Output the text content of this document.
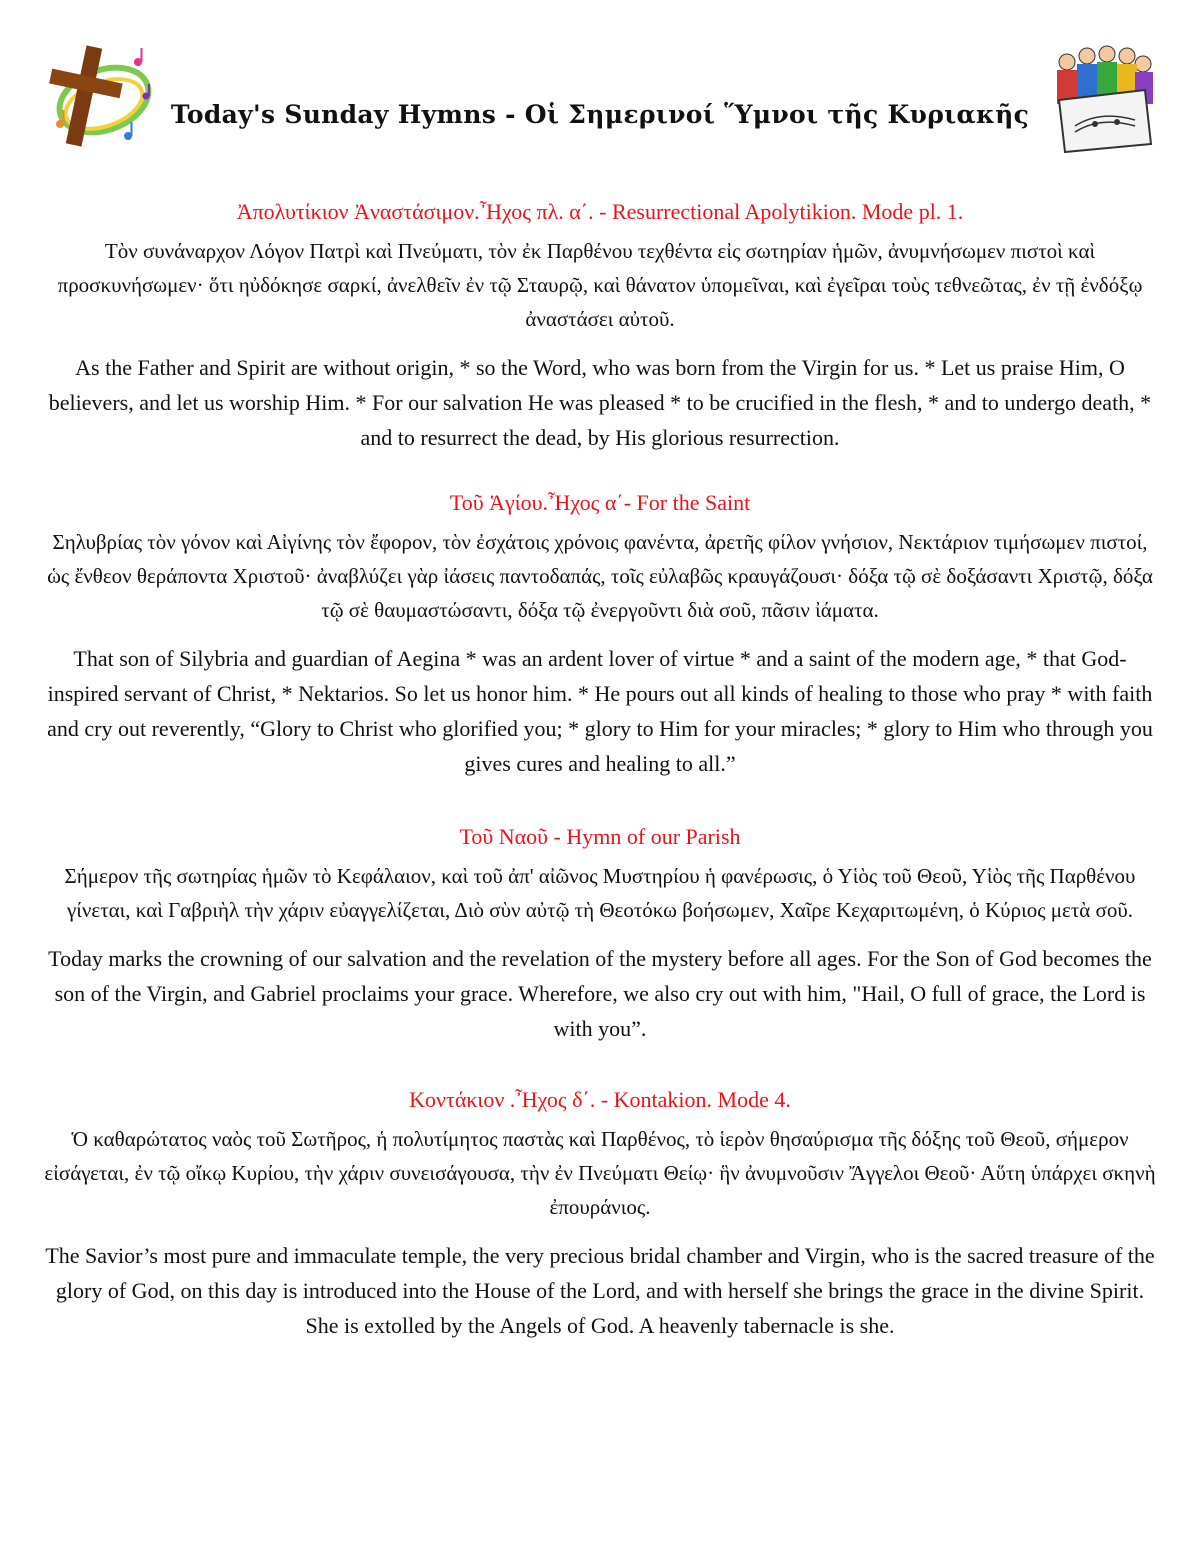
Today's Sunday Hymns - Οἱ Σημερινοί Ὕμνοι τῆς Κυριακῆς
Ἀπολυτίκιον Ἀναστάσιμον.Ἦχος πλ. α΄. - Resurrectional Apolytikion. Mode pl. 1.

Τὸν συνάναρχον Λόγον Πατρὶ καὶ Πνεύματι, τὸν ἐκ Παρθένου τεχθέντα εἰς σωτηρίαν ἡμῶν, ἀνυμνήσωμεν πιστοὶ καὶ προσκυνήσωμεν· ὅτι ηὐδόκησε σαρκί, ἀνελθεῖν ἐν τῷ Σταυρῷ, καὶ θάνατον ὑπομεῖναι, καὶ ἐγεῖραι τοὺς τεθνεῶτας, ἐν τῇ ἐνδόξῳ ἀναστάσει αὐτοῦ.

As the Father and Spirit are without origin, * so the Word, who was born from the Virgin for us. * Let us praise Him, O believers, and let us worship Him. * For our salvation He was pleased * to be crucified in the flesh, * and to undergo death, * and to resurrect the dead, by His glorious resurrection.

Τοῦ Ἁγίου.Ἦχος α΄- For the Saint

Σηλυβρίας τὸν γόνον καὶ Αἰγίνης τὸν ἔφορον, τὸν ἐσχάτοις χρόνοις φανέντα, ἀρετῆς φίλον γνήσιον, Νεκτάριον τιμήσωμεν πιστοί, ὡς ἔνθεον θεράποντα Χριστοῦ· ἀναβλύζει γὰρ ἰάσεις παντοδαπάς, τοῖς εὐλαβῶς κραυγάζουσι· δόξα τῷ σὲ δοξάσαντι Χριστῷ, δόξα τῷ σὲ θαυμαστώσαντι, δόξα τῷ ἐνεργοῦντι διὰ σοῦ, πᾶσιν ἰάματα.

That son of Silybria and guardian of Aegina * was an ardent lover of virtue * and a saint of the modern age, * that God-inspired servant of Christ, * Nektarios. So let us honor him. * He pours out all kinds of healing to those who pray * with faith and cry out reverently, “Glory to Christ who glorified you; * glory to Him for your miracles; * glory to Him who through you gives cures and healing to all.”

Τοῦ Ναοῦ - Hymn of our Parish

Σήμερον τῆς σωτηρίας ἡμῶν τὸ Κεφάλαιον, καὶ τοῦ ἀπ' αἰῶνος Μυστηρίου ἡ φανέρωσις, ὁ Υἱὸς τοῦ Θεοῦ, Υἱὸς τῆς Παρθένου γίνεται, καὶ Γαβριὴλ τὴν χάριν εὐαγγελίζεται, Διὸ σὺν αὐτῷ τὴ Θεοτόκω βοήσωμεν, Χαῖρε Κεχαριτωμένη, ὁ Κύριος μετὰ σοῦ.

Today marks the crowning of our salvation and the revelation of the mystery before all ages. For the Son of God becomes the son of the Virgin, and Gabriel proclaims your grace. Wherefore, we also cry out with him, "Hail, O full of grace, the Lord is with you”.

Κοντάκιον .Ἦχος δ΄. - Kontakion. Mode 4.

Ὁ καθαρώτατος ναὸς τοῦ Σωτῆρος, ἡ πολυτίμητος παστὰς καὶ Παρθένος, τὸ ἱερὸν θησαύρισμα τῆς δόξης τοῦ Θεοῦ, σήμερον εἰσάγεται, ἐν τῷ οἴκῳ Κυρίου, τὴν χάριν συνεισάγουσα, τὴν ἐν Πνεύματι Θείῳ· ἣν ἀνυμνοῦσιν Ἄγγελοι Θεοῦ· Αὕτη ὑπάρχει σκηνὴ ἐπουράνιος.

The Savior’s most pure and immaculate temple, the very precious bridal chamber and Virgin, who is the sacred treasure of the glory of God, on this day is introduced into the House of the Lord, and with herself she brings the grace in the divine Spirit. She is extolled by the Angels of God. A heavenly tabernacle is she.
